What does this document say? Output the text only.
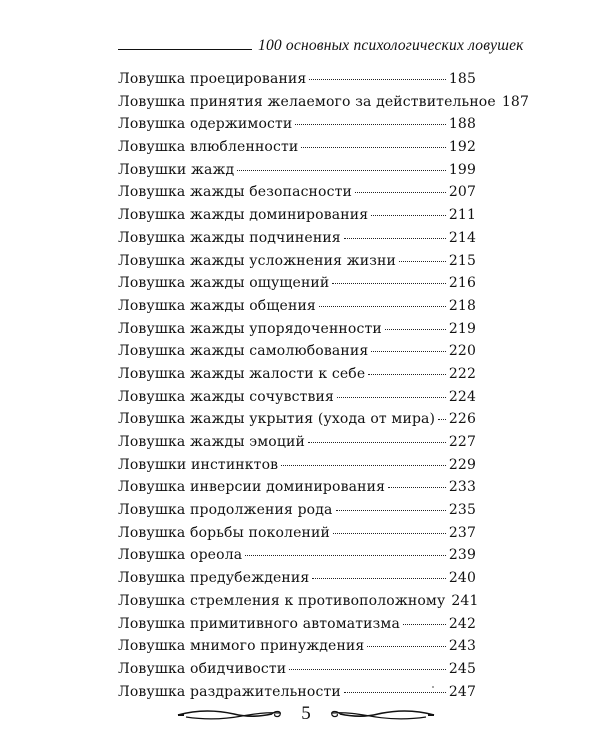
100 основных психологических ловушек
Ловушка проецирования	185
Ловушка принятия желаемого за действительное 187
Ловушка одержимости	188
Ловушка влюбленности	192
Ловушки жажд	199
Ловушка жажды безопасности	207
Ловушка жажды доминирования	211
Ловушка жажды подчинения	214
Ловушка жажды усложнения жизни	215
Ловушка жажды ощущений	216
Ловушка жажды общения	218
Ловушка жажды упорядоченности	219
Ловушка жажды самолюбования	220
Ловушка жажды жалости к себе	222
Ловушка жажды сочувствия	224
Ловушка жажды укрытия (ухода от мира) 226
Ловушка жажды эмоций	227
Ловушки инстинктов	229
Ловушка инверсии доминирования	233
Ловушка продолжения рода	235
Ловушка борьбы поколений	237
Ловушка ореола	239
Ловушка предубеждения	240
Ловушка стремления к противоположному 241
Ловушка примитивного автоматизма	242
Ловушка мнимого принуждения	243
Ловушка обидчивости	245
Ловушка раздражительности	247
5
